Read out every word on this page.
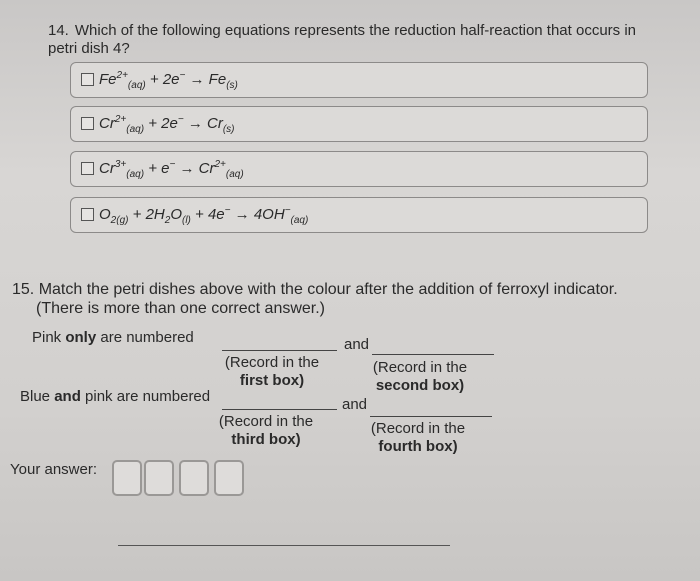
14. Which of the following equations represents the reduction half-reaction that occurs in petri dish 4?
$Fe^{2+}_{(aq)} + 2e^- \to Fe_{(s)}$
$Cr^{2+}_{(aq)} + 2e^- \to Cr_{(s)}$
$Cr^{3+}_{(aq)} + e^- \to Cr^{2+}_{(aq)}$
$O_{2(g)} + 2H_2O_{(l)} + 4e^- \to 4OH^-_{(aq)}$
15. Match the petri dishes above with the colour after the addition of ferroxyl indicator.
(There is more than one correct answer.)
Pink only are numbered	and
(Record in the
first box)
(Record in the
second box)
Blue and pink are numbered	and
(Record in the
third box)
(Record in the
fourth box)
Your answer:
